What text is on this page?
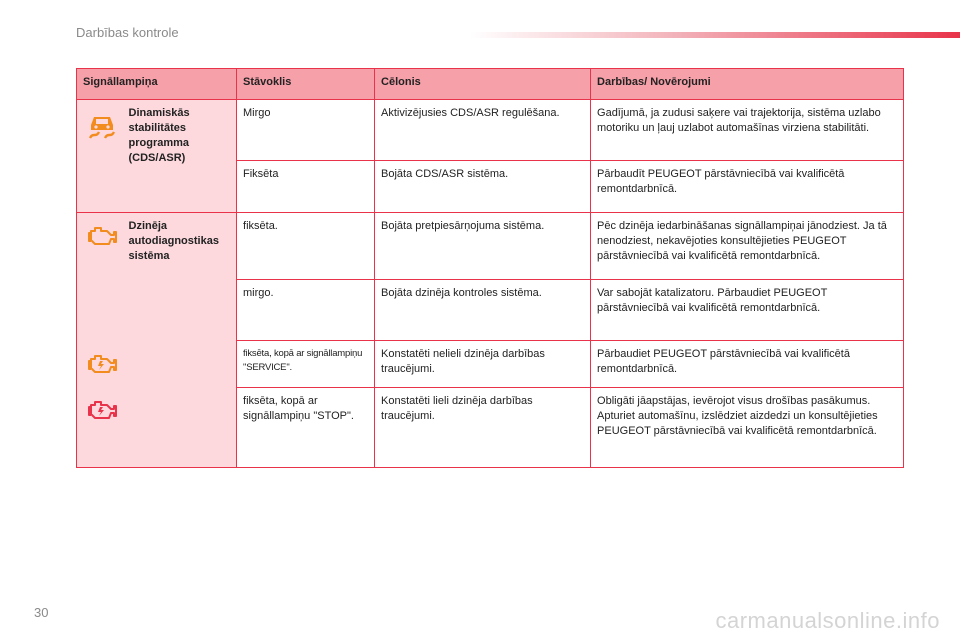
Darbības kontrole
Signāllampiņa		Stāvoklis	Cēlonis	Darbības/ Novērojumi

	Dinamiskās stabilitātes programma (CDS/ASR)	Mirgo	Aktivizējusies CDS/ASR regulēšana.	Gadījumā, ja zudusi saķere vai trajektorija, sistēma uzlabo motoriku un ļauj uzlabot automašīnas virziena stabilitāti.
		Fiksēta	Bojāta CDS/ASR sistēma.	Pārbaudīt PEUGEOT pārstāvniecībā vai kvalificētā remontdarbnīcā.

	Dzinēja autodiagnostikas sistēma	fiksēta.	Bojāta pretpiesārņojuma sistēma.	Pēc dzinēja iedarbināšanas signāllampiņai jānodziest. Ja tā nenodziest, nekavējoties konsultējieties PEUGEOT pārstāvniecībā vai kvalificētā remontdarbnīcā.
		mirgo.	Bojāta dzinēja kontroles sistēma.	Var sabojāt katalizatoru. Pārbaudiet PEUGEOT pārstāvniecībā vai kvalificētā remontdarbnīcā.
		fiksēta, kopā ar signāllampiņu "SERVICE".	Konstatēti nelieli dzinēja darbības traucējumi.	Pārbaudiet PEUGEOT pārstāvniecībā vai kvalificētā remontdarbnīcā.
		fiksēta, kopā ar signāllampiņu "STOP".	Konstatēti lieli dzinēja darbības traucējumi.	Obligāti jāapstājas, ievērojot visus drošības pasākumus. Apturiet automašīnu, izslēdziet aizdedzi un konsultējieties PEUGEOT pārstāvniecībā vai kvalificētā remontdarbnīcā.
30	carmanualsonline.info
